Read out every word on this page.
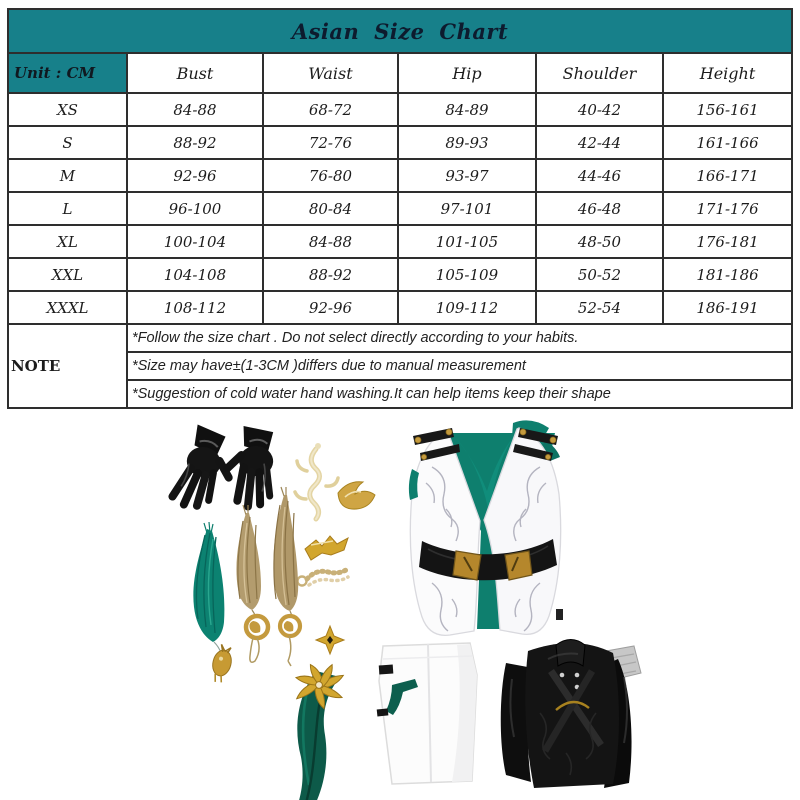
Asian Size Chart					
Unit : CM	Bust	Waist	Hip	Shoulder	Height
XS	84-88	68-72	84-89	40-42	156-161
S	88-92	72-76	89-93	42-44	161-166
M	92-96	76-80	93-97	44-46	166-171
L	96-100	80-84	97-101	46-48	171-176
XL	100-104	84-88	101-105	48-50	176-181
XXL	104-108	88-92	105-109	50-52	181-186
XXXL	108-112	92-96	109-112	52-54	186-191
NOTE	*Follow the size chart . Do not select directly according to your habits.				
	*Size may have±(1-3CM )differs due to manual measurement				
	*Suggestion of cold water hand washing.It can help items keep their shape				
